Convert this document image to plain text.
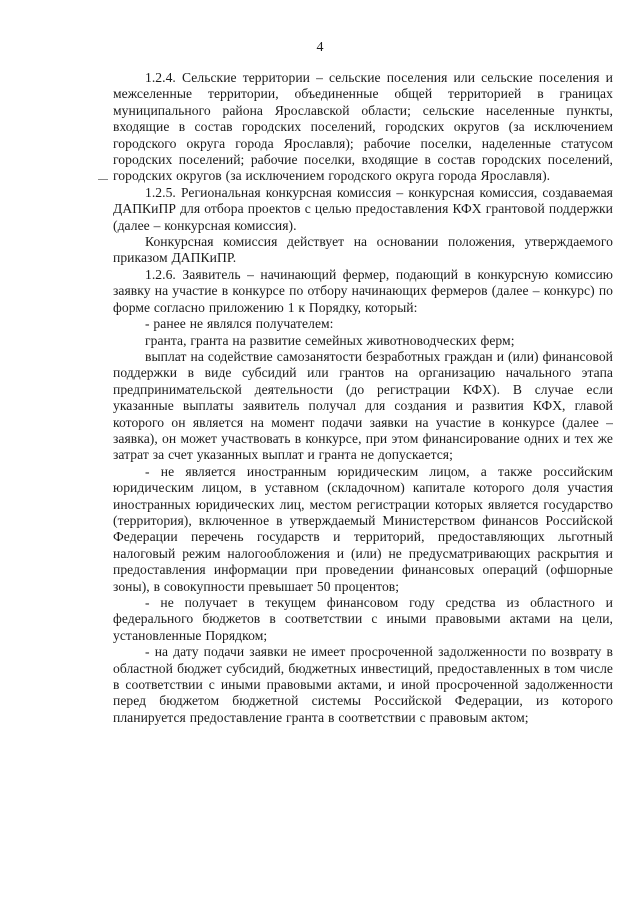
4

1.2.4. Сельские территории – сельские поселения или сельские поселения и межселенные территории, объединенные общей территорией в границах муниципального района Ярославской области; сельские населенные пункты, входящие в состав городских поселений, городских округов (за исключением городского округа города Ярославля); рабочие поселки, наделенные статусом городских поселений; рабочие поселки, входящие в состав городских поселений, городских округов (за исключением городского округа города Ярославля).

1.2.5. Региональная конкурсная комиссия – конкурсная комиссия, создаваемая ДАПКиПР для отбора проектов с целью предоставления КФХ грантовой поддержки (далее – конкурсная комиссия).

Конкурсная комиссия действует на основании положения, утверждаемого приказом ДАПКиПР.

1.2.6. Заявитель – начинающий фермер, подающий в конкурсную комиссию заявку на участие в конкурсе по отбору начинающих фермеров (далее – конкурс) по форме согласно приложению 1 к Порядку, который:

- ранее не являлся получателем:

гранта, гранта на развитие семейных животноводческих ферм;

выплат на содействие самозанятости безработных граждан и (или) финансовой поддержки в виде субсидий или грантов на организацию начального этапа предпринимательской деятельности (до регистрации КФХ). В случае если указанные выплаты заявитель получал для создания и развития КФХ, главой которого он является на момент подачи заявки на участие в конкурсе (далее – заявка), он может участвовать в конкурсе, при этом финансирование одних и тех же затрат за счет указанных выплат и гранта не допускается;

- не является иностранным юридическим лицом, а также российским юридическим лицом, в уставном (складочном) капитале которого доля участия иностранных юридических лиц, местом регистрации которых является государство (территория), включенное в утверждаемый Министерством финансов Российской Федерации перечень государств и территорий, предоставляющих льготный налоговый режим налогообложения и (или) не предусматривающих раскрытия и предоставления информации при проведении финансовых операций (офшорные зоны), в совокупности превышает 50 процентов;

- не получает в текущем финансовом году средства из областного и федерального бюджетов в соответствии с иными правовыми актами на цели, установленные Порядком;

- на дату подачи заявки не имеет просроченной задолженности по возврату в областной бюджет субсидий, бюджетных инвестиций, предоставленных в том числе в соответствии с иными правовыми актами, и иной просроченной задолженности перед бюджетом бюджетной системы Российской Федерации, из которого планируется предоставление гранта в соответствии с правовым актом;
